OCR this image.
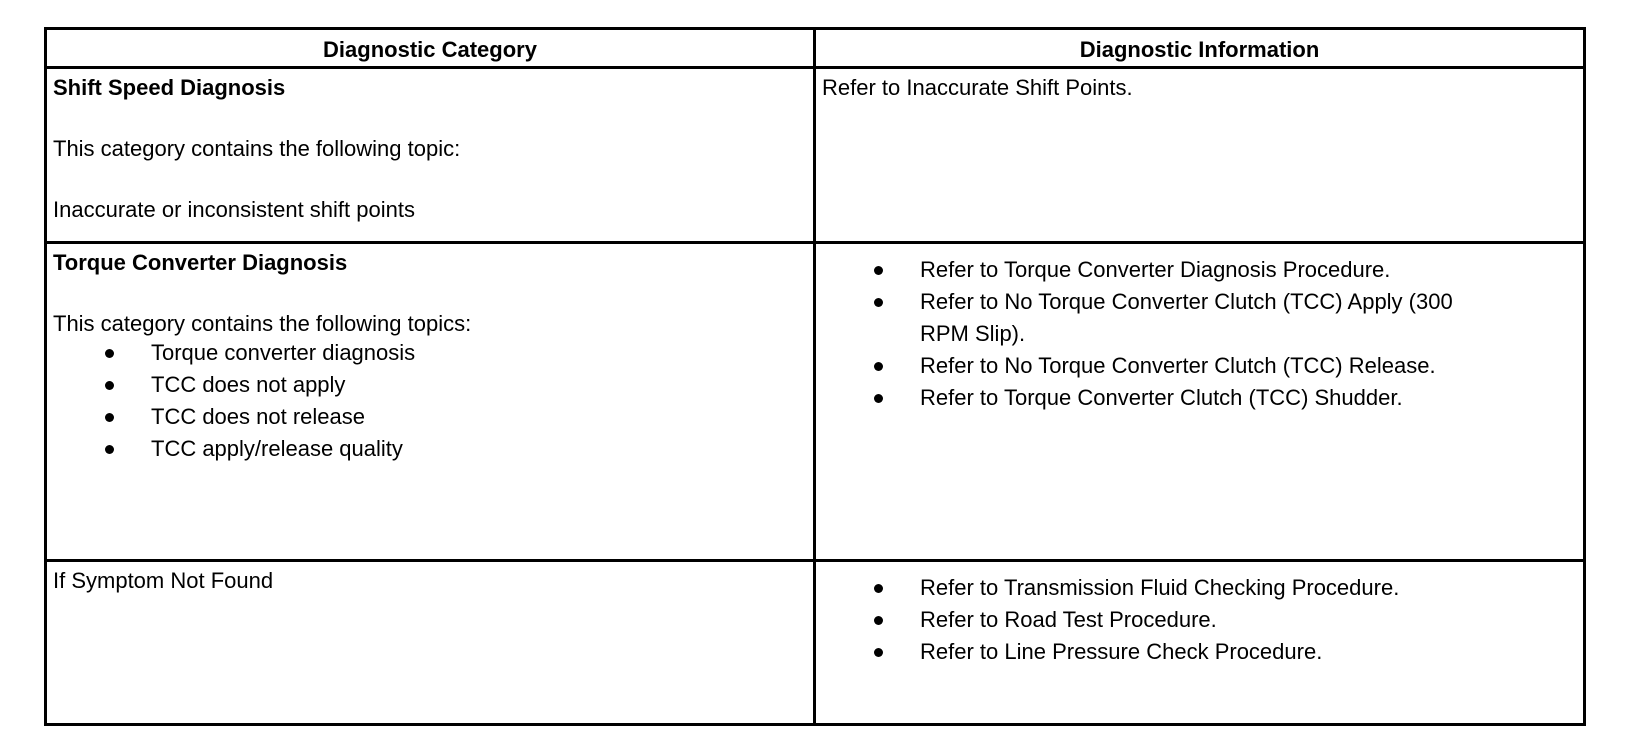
Diagnostic Category	Diagnostic Information

Shift Speed Diagnosis

This category contains the following topic:

Inaccurate or inconsistent shift points

Refer to Inaccurate Shift Points.

Torque Converter Diagnosis

This category contains the following topics:

Torque converter diagnosis
TCC does not apply
TCC does not release
TCC apply/release quality
Refer to Torque Converter Diagnosis Procedure.
Refer to No Torque Converter Clutch (TCC) Apply (300 RPM Slip).
Refer to No Torque Converter Clutch (TCC) Release.
Refer to Torque Converter Clutch (TCC) Shudder.

If Symptom Not Found	Refer to Transmission Fluid Checking Procedure.
Refer to Road Test Procedure.
Refer to Line Pressure Check Procedure.
